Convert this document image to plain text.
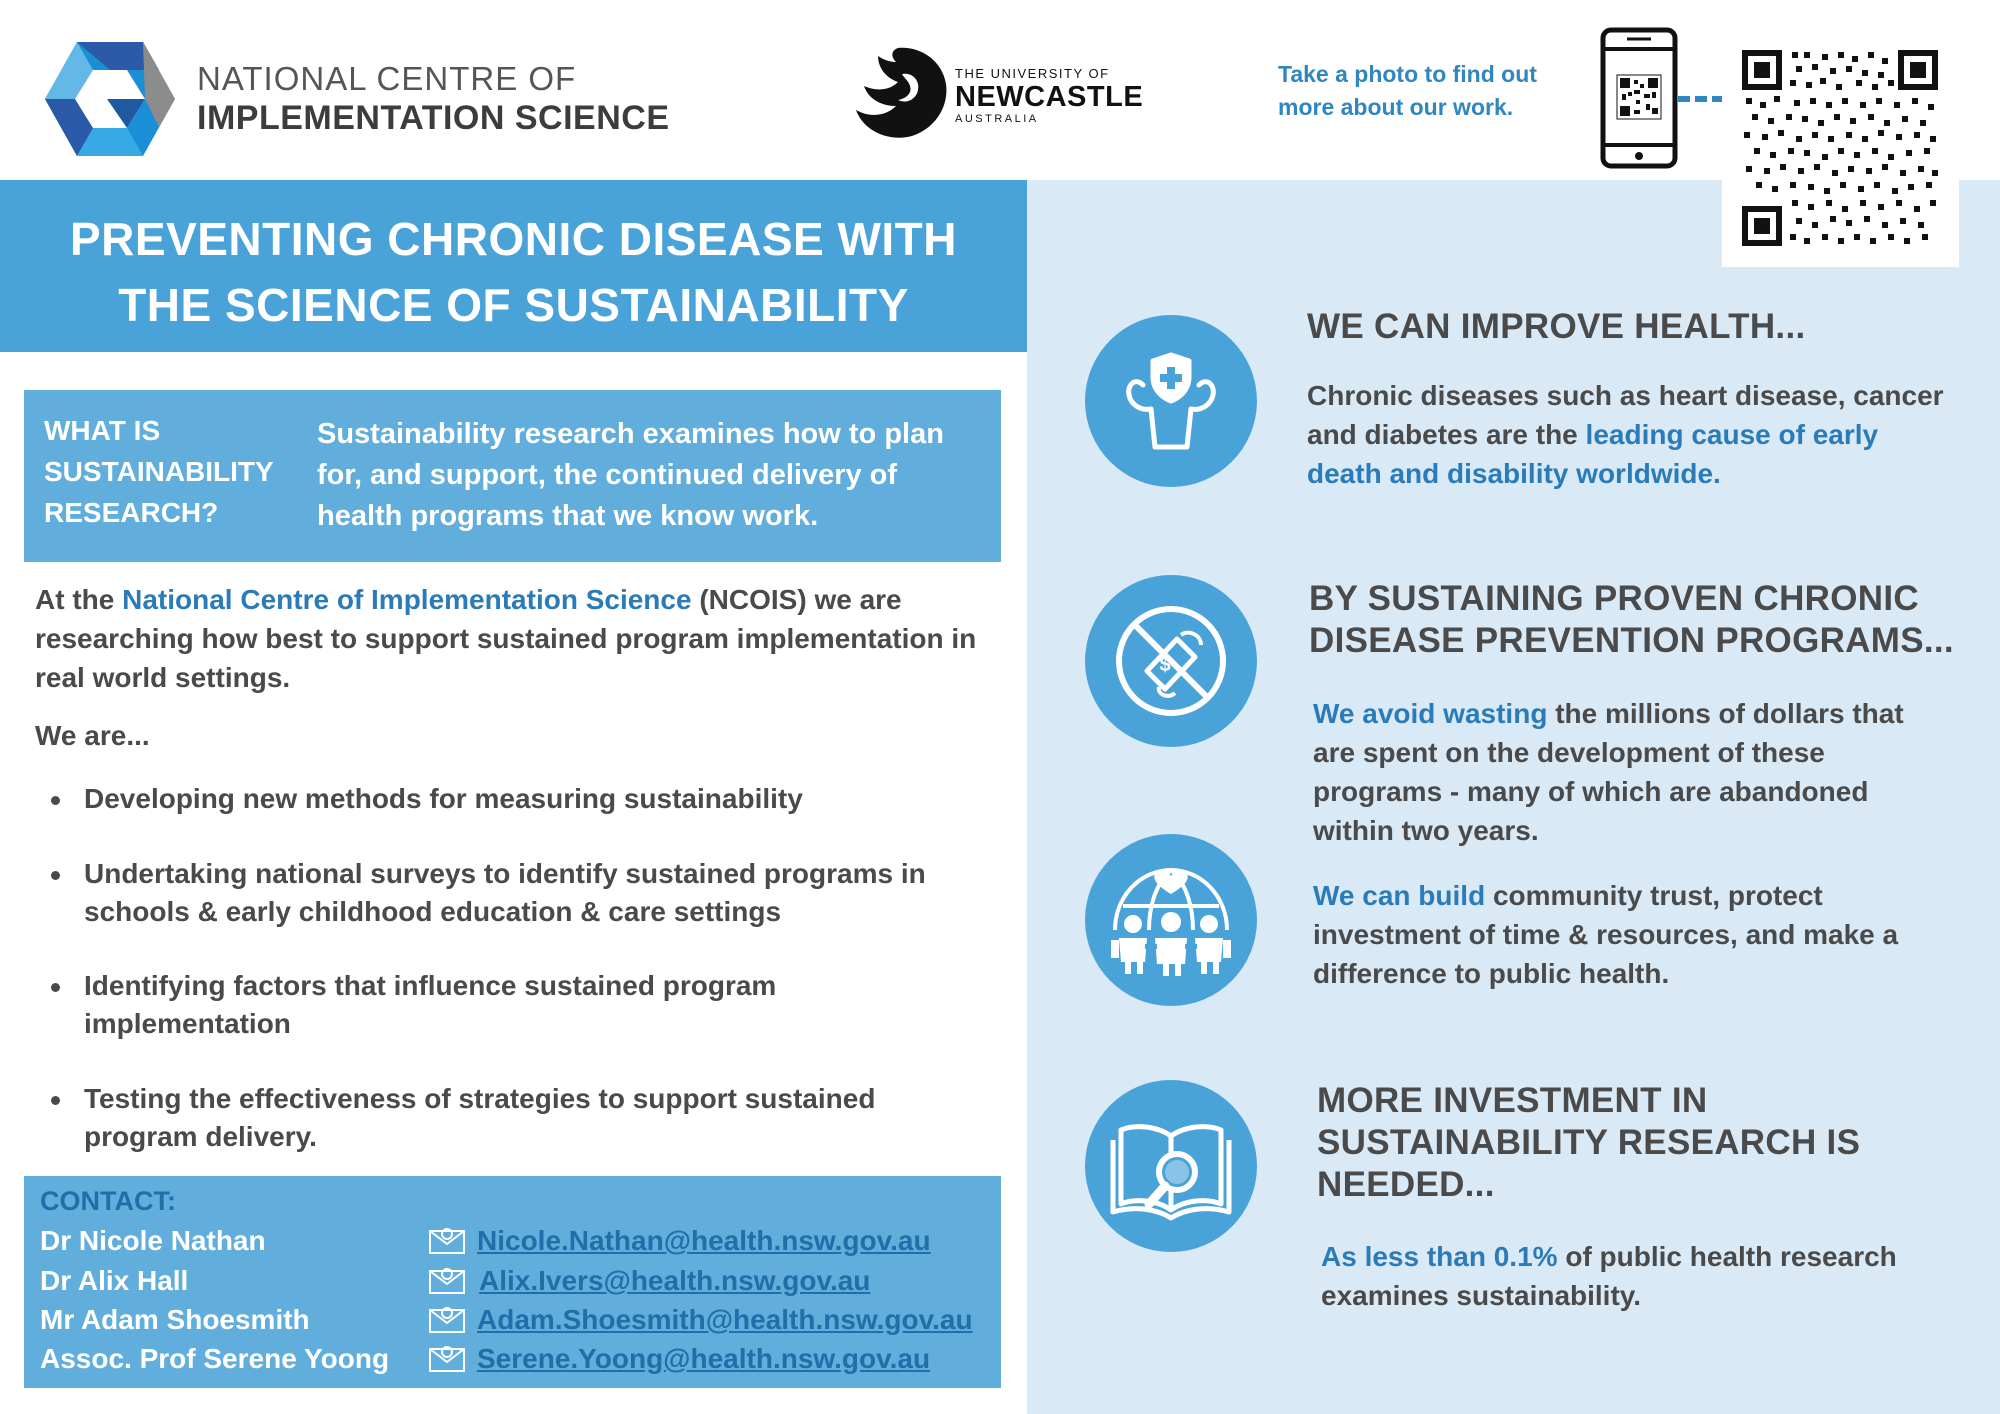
NATIONAL CENTRE OF
IMPLEMENTATION SCIENCE
THE UNIVERSITY OF
NEWCASTLE
AUSTRALIA
Take a photo to find out more about our work.
PREVENTING CHRONIC DISEASE WITH
THE SCIENCE OF SUSTAINABILITY
WHAT IS
SUSTAINABILITY
RESEARCH?
Sustainability research examines how to plan for, and support, the continued delivery of health programs that we know work.
At the National Centre of Implementation Science (NCOIS) we are researching how best to support sustained program implementation in real world settings.
We are...
Developing new methods for measuring sustainability
Undertaking national surveys to identify sustained programs in schools & early childhood education & care settings
Identifying factors that influence sustained program implementation
Testing the effectiveness of strategies to support sustained program delivery.
CONTACT:
Dr Nicole Nathan	Nicole.Nathan@health.nsw.gov.au
Dr Alix Hall	Alix.Ivers@health.nsw.gov.au
Mr Adam Shoesmith	Adam.Shoesmith@health.nsw.gov.au
Assoc. Prof Serene Yoong	Serene.Yoong@health.nsw.gov.au
WE CAN IMPROVE HEALTH...
Chronic diseases such as heart disease, cancer and diabetes are the leading cause of early death and disability worldwide.
$
BY SUSTAINING PROVEN CHRONIC
DISEASE PREVENTION PROGRAMS...
We avoid wasting the millions of dollars that are spent on the development of these programs - many of which are abandoned within two years.
We can build community trust, protect investment of time & resources, and make a difference to public health.
MORE INVESTMENT IN
SUSTAINABILITY RESEARCH IS
NEEDED...
As less than 0.1% of public health research examines sustainability.
